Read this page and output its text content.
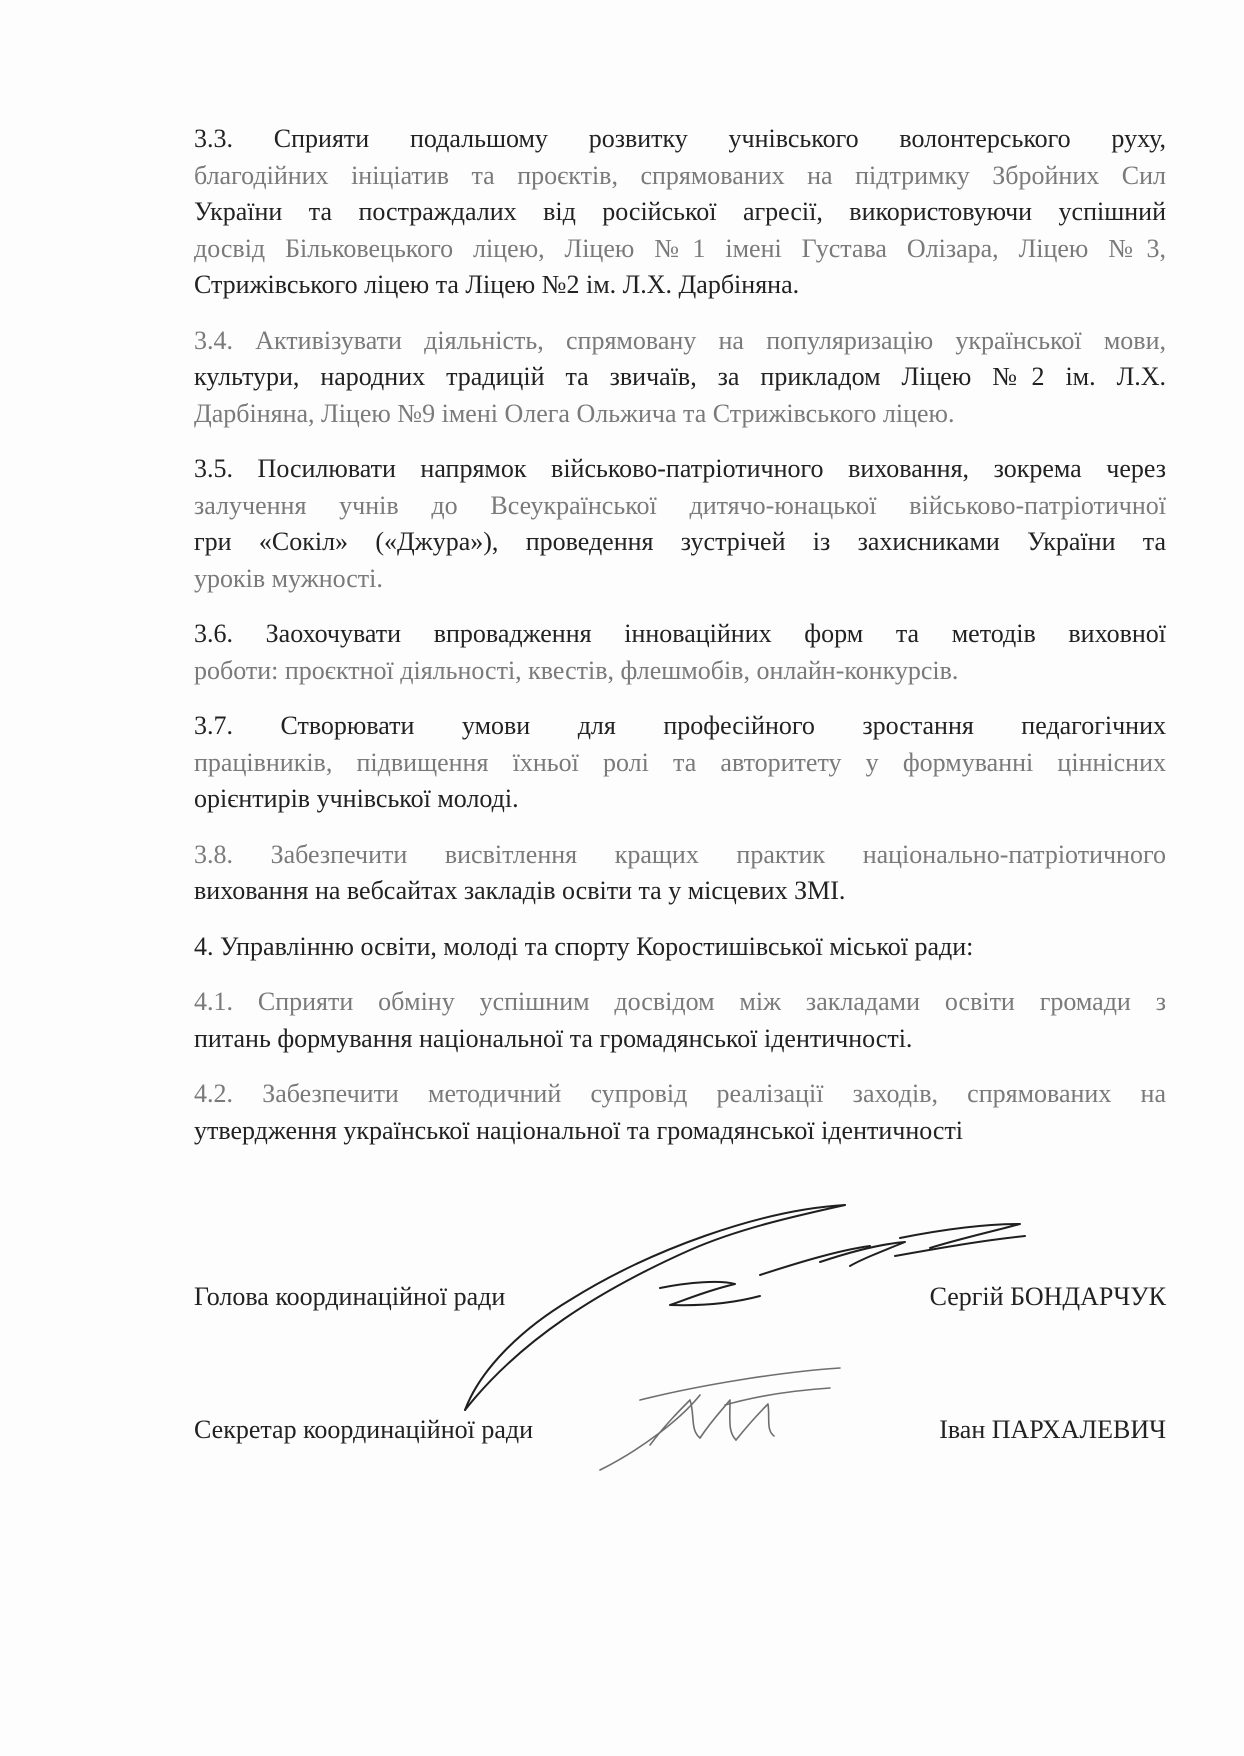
3.3. Сприяти подальшому розвитку учнівського волонтерського руху,
благодійних ініціатив та проєктів, спрямованих на підтримку Збройних Сил
України та постраждалих від російської агресії, використовуючи успішний
досвід Більковецького ліцею, Ліцею №1 імені Густава Олізара, Ліцею №3,
Стрижівського ліцею та Ліцею №2 ім. Л.Х. Дарбіняна.

3.4. Активізувати діяльність, спрямовану на популяризацію української мови,
культури, народних традицій та звичаїв, за прикладом Ліцею №2 ім. Л.Х.
Дарбіняна, Ліцею №9 імені Олега Ольжича та Стрижівського ліцею.

3.5. Посилювати напрямок військово-патріотичного виховання, зокрема через
залучення учнів до Всеукраїнської дитячо-юнацької військово-патріотичної
гри «Сокіл» («Джура»), проведення зустрічей із захисниками України та
уроків мужності.

3.6. Заохочувати впровадження інноваційних форм та методів виховної
роботи: проєктної діяльності, квестів, флешмобів, онлайн-конкурсів.

3.7. Створювати умови для професійного зростання педагогічних
працівників, підвищення їхньої ролі та авторитету у формуванні ціннісних
орієнтирів учнівської молоді.

3.8. Забезпечити висвітлення кращих практик національно-патріотичного
виховання на вебсайтах закладів освіти та у місцевих ЗМІ.

4. Управлінню освіти, молоді та спорту Коростишівської міської ради:

4.1. Сприяти обміну успішним досвідом між закладами освіти громади з
питань формування національної та громадянської ідентичності.

4.2. Забезпечити методичний супровід реалізації заходів, спрямованих на
утвердження української національної та громадянської ідентичності

Голова координаційної ради	Сергій БОНДАРЧУК
Секретар координаційної ради	Іван ПАРХАЛЕВИЧ
